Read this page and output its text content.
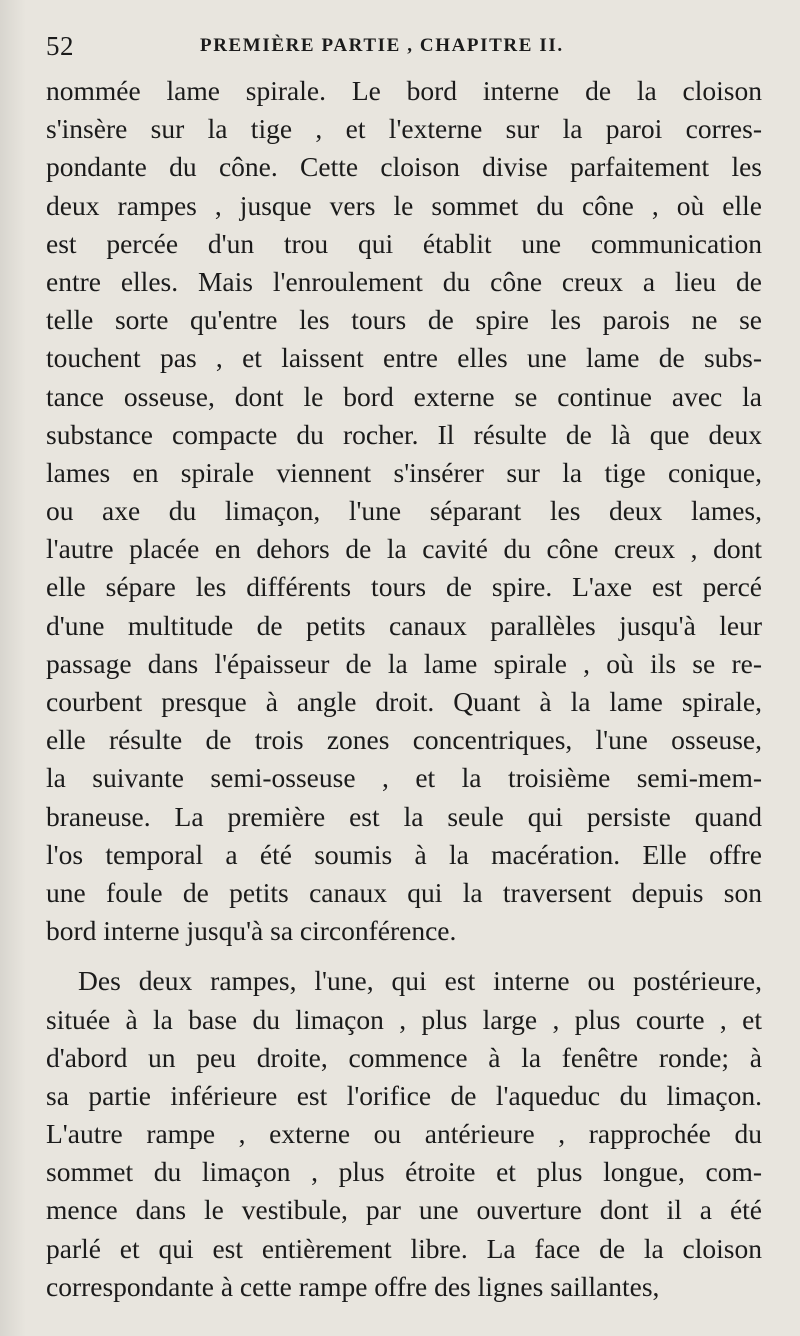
52	PREMIÈRE PARTIE , CHAPITRE II.
nommée lame spirale. Le bord interne de la cloison
s'insère sur la tige , et l'externe sur la paroi corres-
pondante du cône. Cette cloison divise parfaitement les
deux rampes , jusque vers le sommet du cône , où elle
est percée d'un trou qui établit une communication
entre elles. Mais l'enroulement du cône creux a lieu de
telle sorte qu'entre les tours de spire les parois ne se
touchent pas , et laissent entre elles une lame de subs-
tance osseuse, dont le bord externe se continue avec la
substance compacte du rocher. Il résulte de là que deux
lames en spirale viennent s'insérer sur la tige conique,
ou axe du limaçon, l'une séparant les deux lames,
l'autre placée en dehors de la cavité du cône creux , dont
elle sépare les différents tours de spire. L'axe est percé
d'une multitude de petits canaux parallèles jusqu'à leur
passage dans l'épaisseur de la lame spirale , où ils se re-
courbent presque à angle droit. Quant à la lame spirale,
elle résulte de trois zones concentriques, l'une osseuse,
la suivante semi-osseuse , et la troisième semi-mem-
braneuse. La première est la seule qui persiste quand
l'os temporal a été soumis à la macération. Elle offre
une foule de petits canaux qui la traversent depuis son
bord interne jusqu'à sa circonférence.
Des deux rampes, l'une, qui est interne ou postérieure,
située à la base du limaçon , plus large , plus courte , et
d'abord un peu droite, commence à la fenêtre ronde; à
sa partie inférieure est l'orifice de l'aqueduc du limaçon.
L'autre rampe , externe ou antérieure , rapprochée du
sommet du limaçon , plus étroite et plus longue, com-
mence dans le vestibule, par une ouverture dont il a été
parlé et qui est entièrement libre. La face de la cloison
correspondante à cette rampe offre des lignes saillantes,
